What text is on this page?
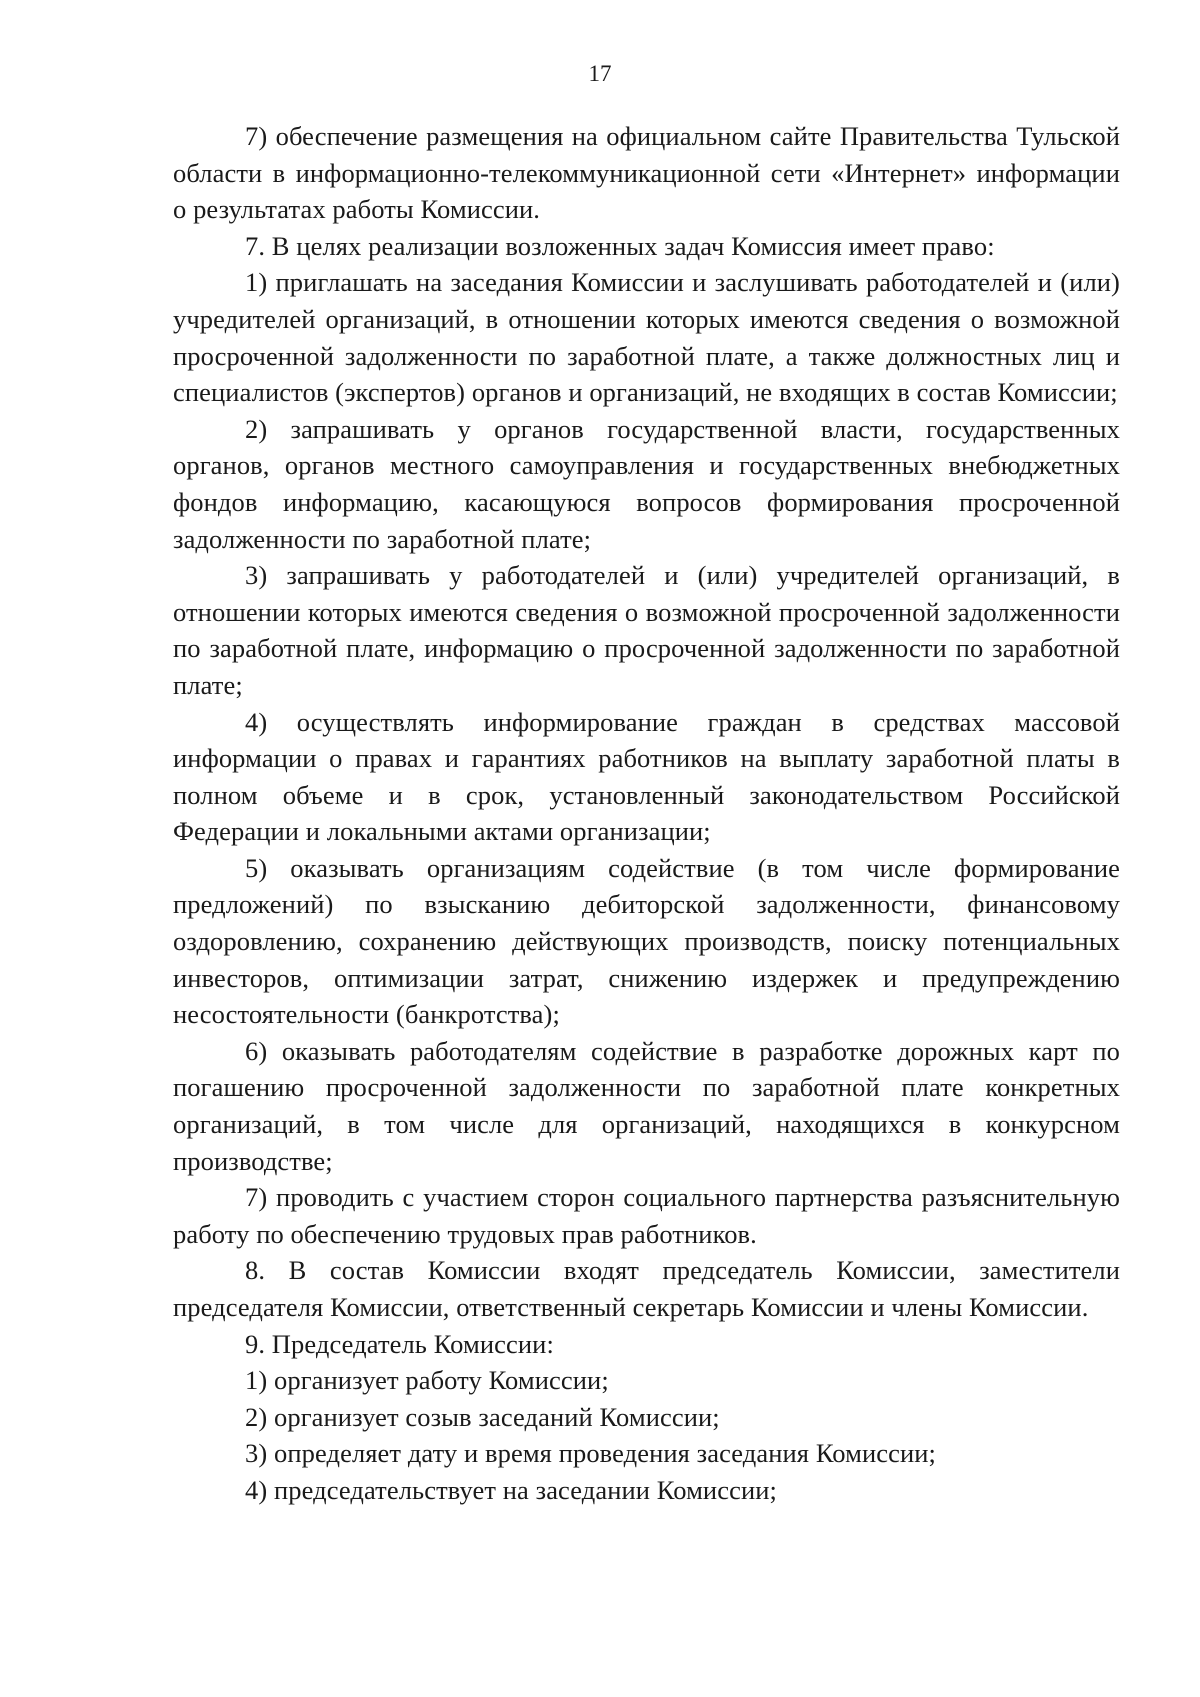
17

7) обеспечение размещения на официальном сайте Правительства Тульской области в информационно-телекоммуникационной сети «Интернет» информации о результатах работы Комиссии.

7. В целях реализации возложенных задач Комиссия имеет право:

1) приглашать на заседания Комиссии и заслушивать работодателей и (или) учредителей организаций, в отношении которых имеются сведения о возможной просроченной задолженности по заработной плате, а также должностных лиц и специалистов (экспертов) органов и организаций, не входящих в состав Комиссии;

2) запрашивать у органов государственной власти, государственных органов, органов местного самоуправления и государственных внебюджетных фондов информацию, касающуюся вопросов формирования просроченной задолженности по заработной плате;

3) запрашивать у работодателей и (или) учредителей организаций, в отношении которых имеются сведения о возможной просроченной задолженности по заработной плате, информацию о просроченной задолженности по заработной плате;

4) осуществлять информирование граждан в средствах массовой информации о правах и гарантиях работников на выплату заработной платы в полном объеме и в срок, установленный законодательством Российской Федерации и локальными актами организации;

5) оказывать организациям содействие (в том числе формирование предложений) по взысканию дебиторской задолженности, финансовому оздоровлению, сохранению действующих производств, поиску потенциальных инвесторов, оптимизации затрат, снижению издержек и предупреждению несостоятельности (банкротства);

6) оказывать работодателям содействие в разработке дорожных карт по погашению просроченной задолженности по заработной плате конкретных организаций, в том числе для организаций, находящихся в конкурсном производстве;

7) проводить с участием сторон социального партнерства разъяснительную работу по обеспечению трудовых прав работников.

8. В состав Комиссии входят председатель Комиссии, заместители председателя Комиссии, ответственный секретарь Комиссии и члены Комиссии.

9. Председатель Комиссии:

1) организует работу Комиссии;

2) организует созыв заседаний Комиссии;

3) определяет дату и время проведения заседания Комиссии;

4) председательствует на заседании Комиссии;
